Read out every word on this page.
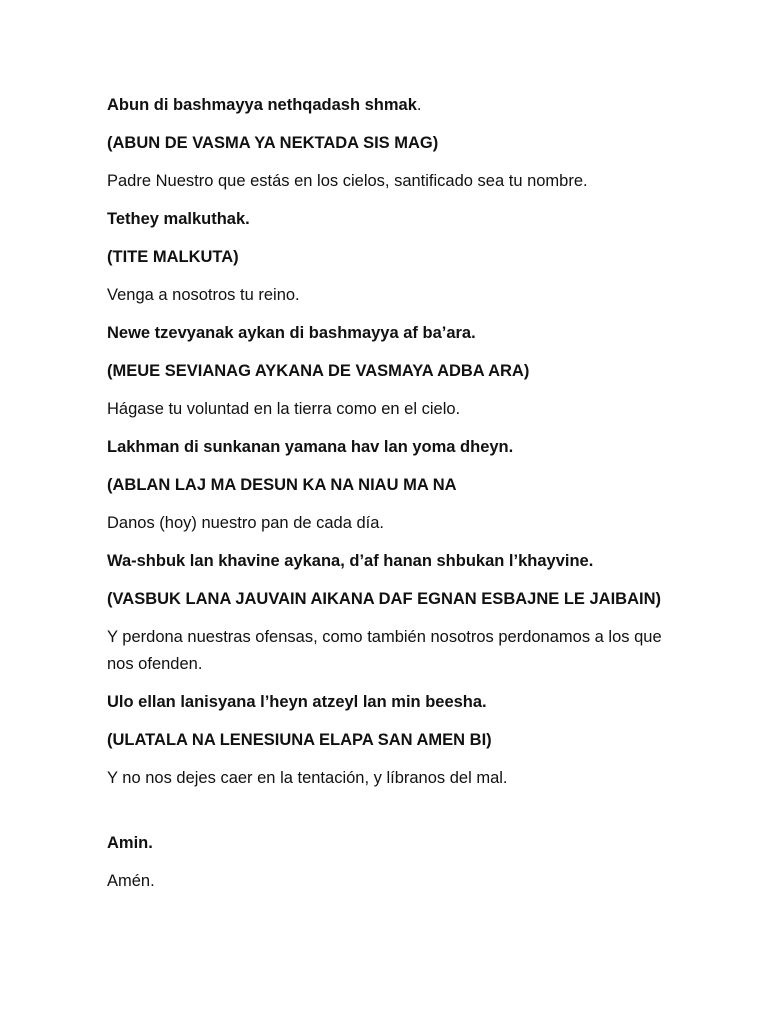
Abun di bashmayya nethqadash shmak.

(ABUN DE VASMA YA NEKTADA SIS MAG)

Padre Nuestro que estás en los cielos, santificado sea tu nombre.

Tethey malkuthak.

(TITE MALKUTA)

Venga a nosotros tu reino.

Newe tzevyanak aykan di bashmayya af ba’ara.

(MEUE SEVIANAG AYKANA DE VASMAYA ADBA ARA)

Hágase tu voluntad en la tierra como en el cielo.

Lakhman di sunkanan yamana hav lan yoma dheyn.

(ABLAN LAJ MA DESUN KA NA NIAU MA NA

Danos (hoy) nuestro pan de cada día.

Wa-shbuk lan khavine aykana, d’af hanan shbukan l’khayvine.

(VASBUK LANA JAUVAIN AIKANA DAF EGNAN ESBAJNE LE JAIBAIN)

Y perdona nuestras ofensas, como también nosotros perdonamos a los que nos ofenden.

Ulo ellan lanisyana l’heyn atzeyl lan min beesha.

(ULATALA NA LENESIUNA ELAPA SAN AMEN BI)

Y no nos dejes caer en la tentación, y líbranos del mal.

Amin.

Amén.
